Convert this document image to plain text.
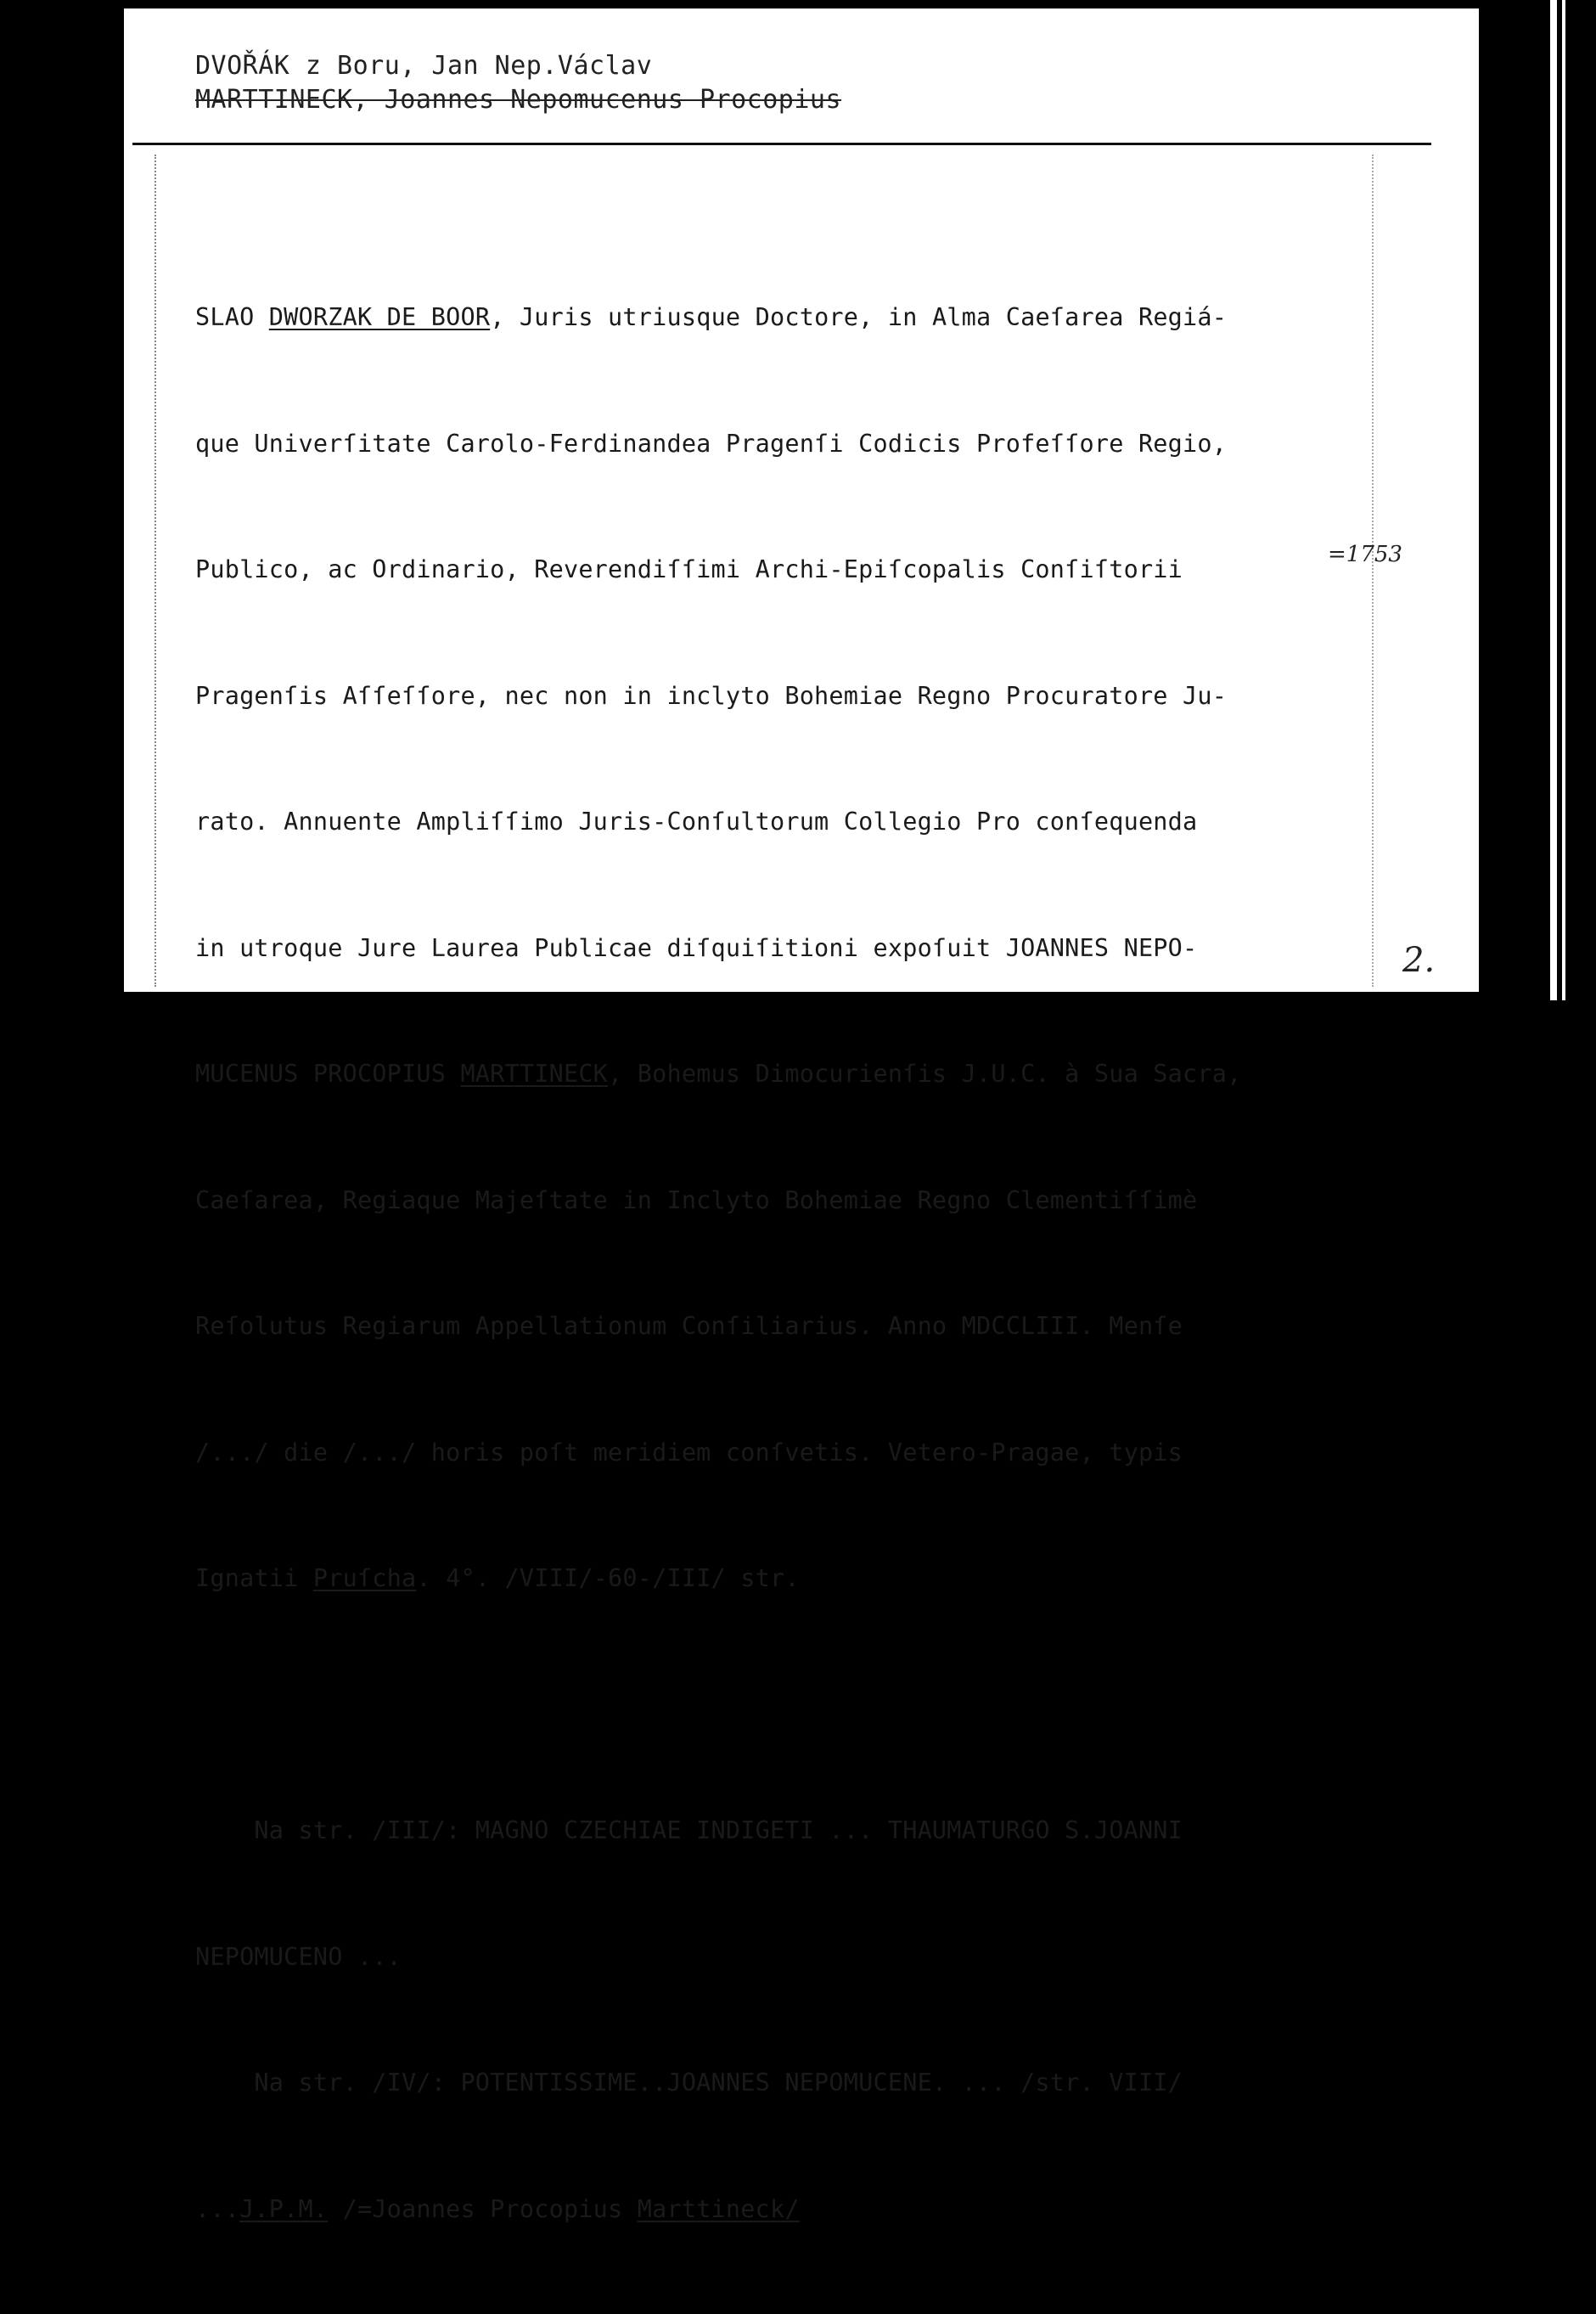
DVOŘÁK z Boru, Jan Nep.Václav
MARTTINECK, Joannes Nepomucenus Procopius

SLAO DWORZAK DE BOOR, Juris utriusque Doctore, in Alma Caeſarea Regiá-

que Univerſitate Carolo-Ferdinandea Pragenſi Codicis Profeſſore Regio,

Publico, ac Ordinario, Reverendiſſimi Archi-Epiſcopalis Conſiſtorii

Pragenſis Aſſeſſore, nec non in inclyto Bohemiae Regno Procuratore Ju-

rato. Annuente Ampliſſimo Juris-Conſultorum Collegio Pro conſequenda

in utroque Jure Laurea Publicae diſquiſitioni expoſuit JOANNES NEPO-

MUCENUS PROCOPIUS MARTTINECK, Bohemus Dimocurienſis J.U.C. à Sua Sacra,

Caeſarea, Regiaque Majeſtate in Inclyto Bohemiae Regno Clementiſſimè

Reſolutus Regiarum Appellationum Conſiliarius. Anno MDCCLIII. Menſe

/.../ die /.../ horis poſt meridiem conſvetis. Vetero-Pragae, typis

Ignatii Pruſcha. 4°. /VIII/-60-/III/ str.

Na str. /III/: MAGNO CZECHIAE INDIGETI ... THAUMATURGO S.JOANNI

NEPOMUCENO ...

Na str. /IV/: POTENTISSIME..JOANNES NEPOMUCENE. ... /str. VIII/

...J.P.M. /=Joannes Procopius Marttineck/

=1753
2.
